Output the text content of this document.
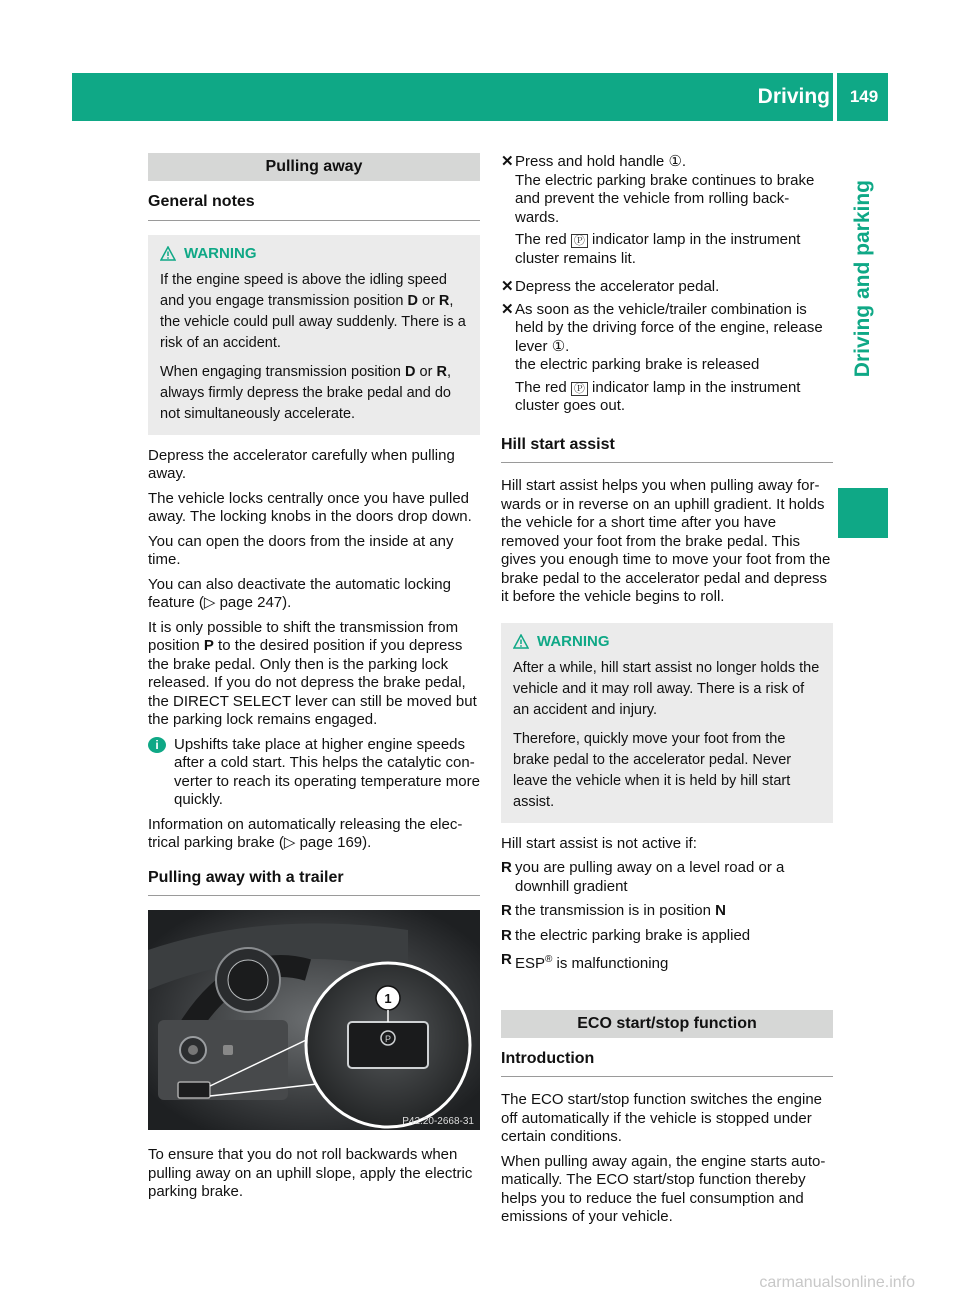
Driving	149
Driving and parking
Pulling away
General notes
WARNING

If the engine speed is above the idling speed and you engage transmission position D or R, the vehicle could pull away suddenly. There is a risk of an accident.

When engaging transmission position D or R, always firmly depress the brake pedal and do not simultaneously accelerate.

Depress the accelerator carefully when pulling away.

The vehicle locks centrally once you have pulled away. The locking knobs in the doors drop down.

You can open the doors from the inside at any time.

You can also deactivate the automatic locking feature (▷ page 247).

It is only possible to shift the transmission from position P to the desired position if you depress the brake pedal. Only then is the parking lock released. If you do not depress the brake pedal, the DIRECT SELECT lever can still be moved but the parking lock remains engaged.

i	Upshifts take place at higher engine speeds after a cold start. This helps the catalytic con- verter to reach its operating temperature more quickly.

Information on automatically releasing the elec- trical parking brake (▷ page 169).

Pulling away with a trailer
P
1
P42.20-2668-31

To ensure that you do not roll backwards when pulling away on an uphill slope, apply the electric parking brake.

✕ Press and hold handle ①.

The electric parking brake continues to brake and prevent the vehicle from rolling back- wards.

The red Ⓟ indicator lamp in the instrument cluster remains lit.

✕ Depress the accelerator pedal.
✕ As soon as the vehicle/trailer combination is held by the driving force of the engine, release lever ①.

the electric parking brake is released

The red Ⓟ indicator lamp in the instrument cluster goes out.

Hill start assist

Hill start assist helps you when pulling away for- wards or in reverse on an uphill gradient. It holds the vehicle for a short time after you have removed your foot from the brake pedal. This gives you enough time to move your foot from the brake pedal to the accelerator pedal and depress it before the vehicle begins to roll.

WARNING

After a while, hill start assist no longer holds the vehicle and it may roll away. There is a risk of an accident and injury.

Therefore, quickly move your foot from the brake pedal to the accelerator pedal. Never leave the vehicle when it is held by hill start assist.

Hill start assist is not active if:

R you are pulling away on a level road or a downhill gradient
R the transmission is in position N
R the electric parking brake is applied
R ESP® is malfunctioning
ECO start/stop function
Introduction

The ECO start/stop function switches the engine off automatically if the vehicle is stopped under certain conditions.

When pulling away again, the engine starts auto- matically. The ECO start/stop function thereby helps you to reduce the fuel consumption and emissions of your vehicle.

carmanualsonline.info
